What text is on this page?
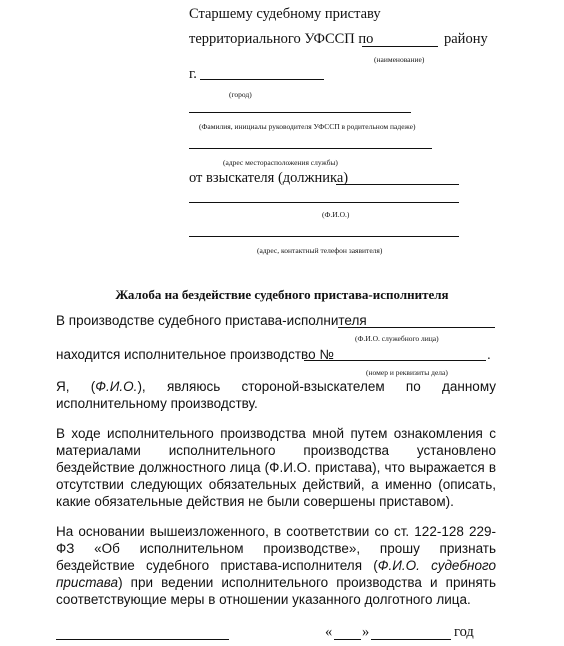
Старшему судебному приставу
территориального УФССП по	району
(наименование)
г.
(город)
(Фамилия, инициалы руководителя УФССП в родительном падеже)
(адрес месторасположения службы)
от взыскателя (должника)
(Ф.И.О.)
(адрес, контактный телефон заявителя)
Жалоба на бездействие судебного пристава-исполнителя
В производстве судебного пристава-исполнителя
(Ф.И.О. служебного лица)
находится исполнительное производство №	.
(номер и реквизиты дела)
Я, (Ф.И.О.), являюсь стороной-взыскателем по данному исполнительному производству.
В ходе исполнительного производства мной путем ознакомления с материалами исполнительного производства установлено бездействие должностного лица (Ф.И.О. пристава), что выражается в отсутствии следующих обязательных действий, а именно (описать, какие обязательные действия не были совершены приставом).
На основании вышеизложенного, в соответствии со ст. 122-128 229-ФЗ «Об исполнительном производстве», прошу признать бездействие судебного пристава-исполнителя (Ф.И.О. судебного пристава) при ведении исполнительного производства и принять соответствующие меры в отношении указанного долготного лица.
« »	год
